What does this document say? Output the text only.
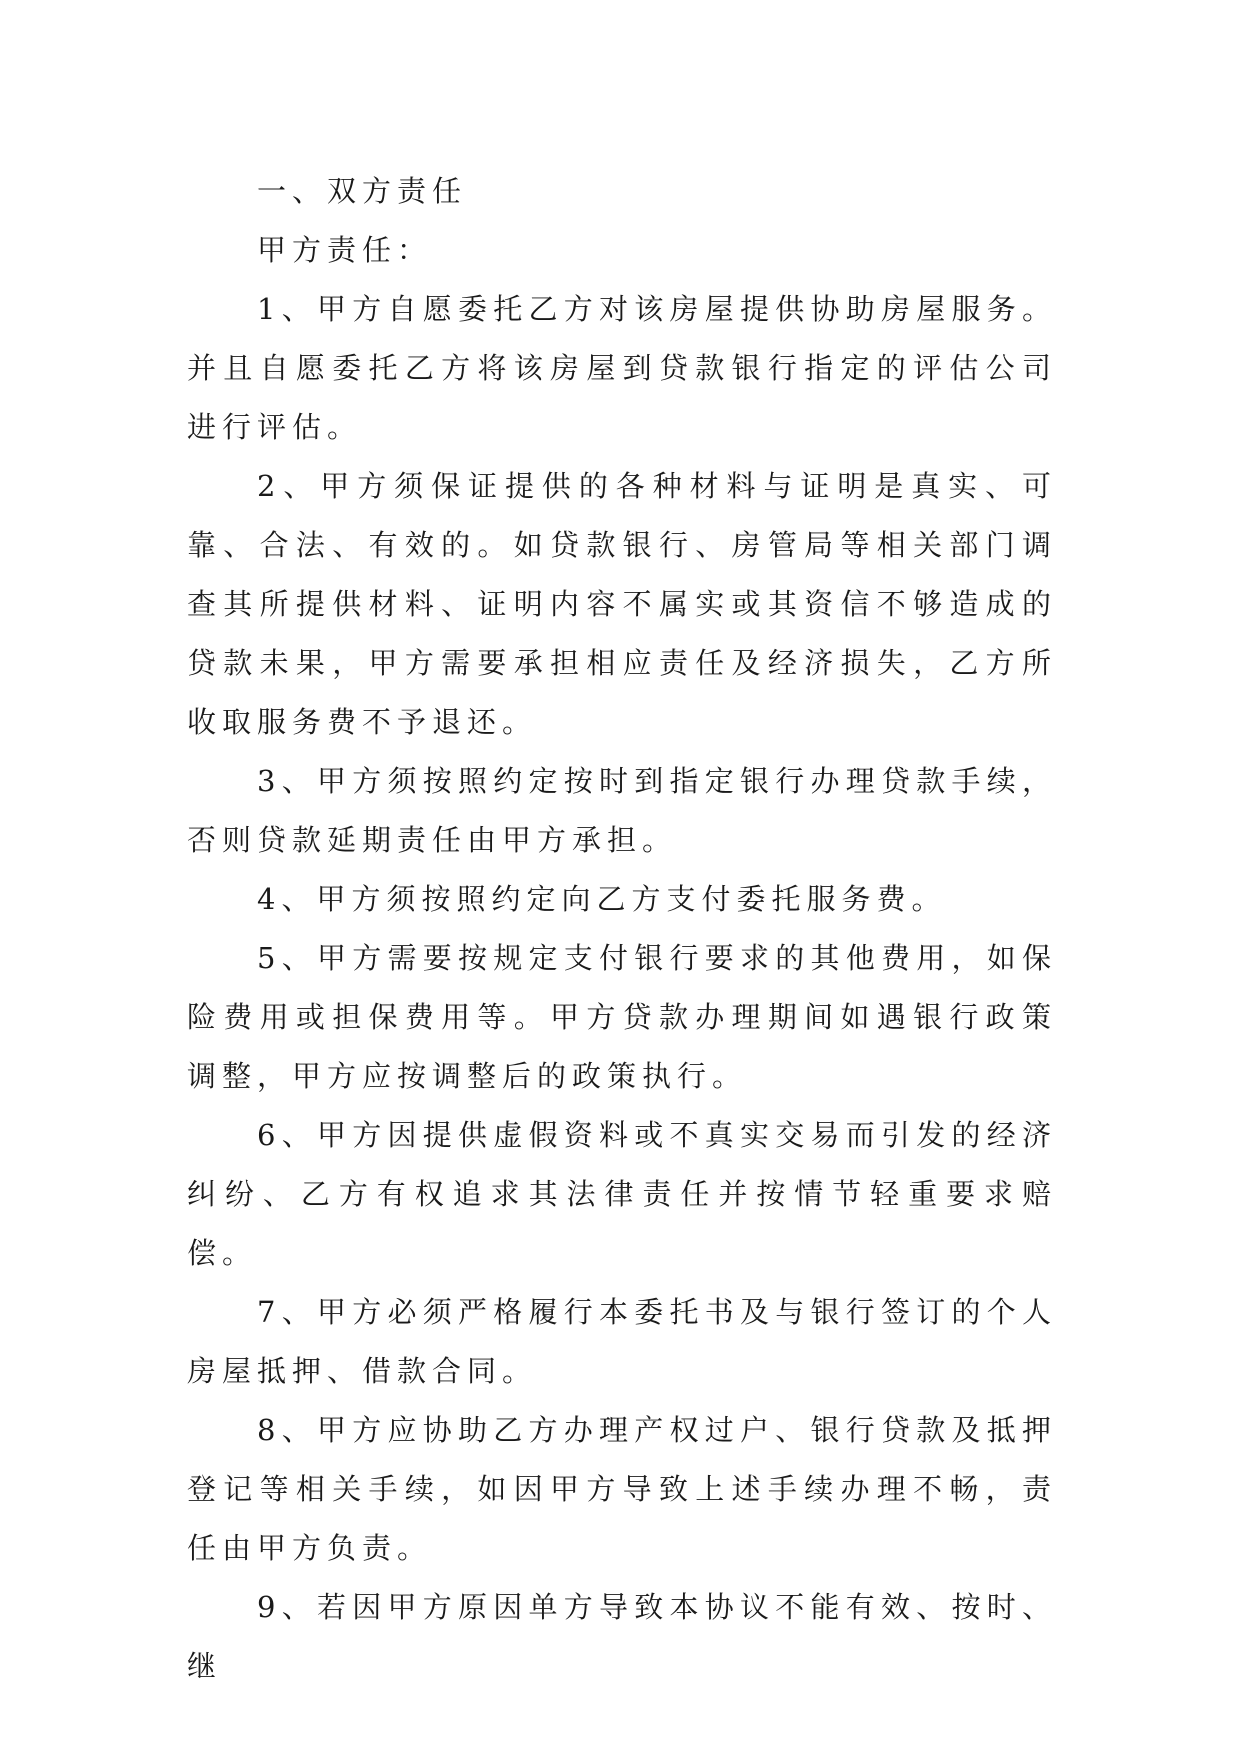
一、双方责任

甲方责任：

1、甲方自愿委托乙方对该房屋提供协助房屋服务。并且自愿委托乙方将该房屋到贷款银行指定的评估公司进行评估。

2、甲方须保证提供的各种材料与证明是真实、可靠、合法、有效的。如贷款银行、房管局等相关部门调查其所提供材料、证明内容不属实或其资信不够造成的贷款未果，甲方需要承担相应责任及经济损失，乙方所收取服务费不予退还。

3、甲方须按照约定按时到指定银行办理贷款手续，否则贷款延期责任由甲方承担。

4、甲方须按照约定向乙方支付委托服务费。

5、甲方需要按规定支付银行要求的其他费用，如保险费用或担保费用等。甲方贷款办理期间如遇银行政策调整，甲方应按调整后的政策执行。

6、甲方因提供虚假资料或不真实交易而引发的经济纠纷、乙方有权追求其法律责任并按情节轻重要求赔偿。

7、甲方必须严格履行本委托书及与银行签订的个人房屋抵押、借款合同。

8、甲方应协助乙方办理产权过户、银行贷款及抵押登记等相关手续，如因甲方导致上述手续办理不畅，责任由甲方负责。

9、若因甲方原因单方导致本协议不能有效、按时、继
